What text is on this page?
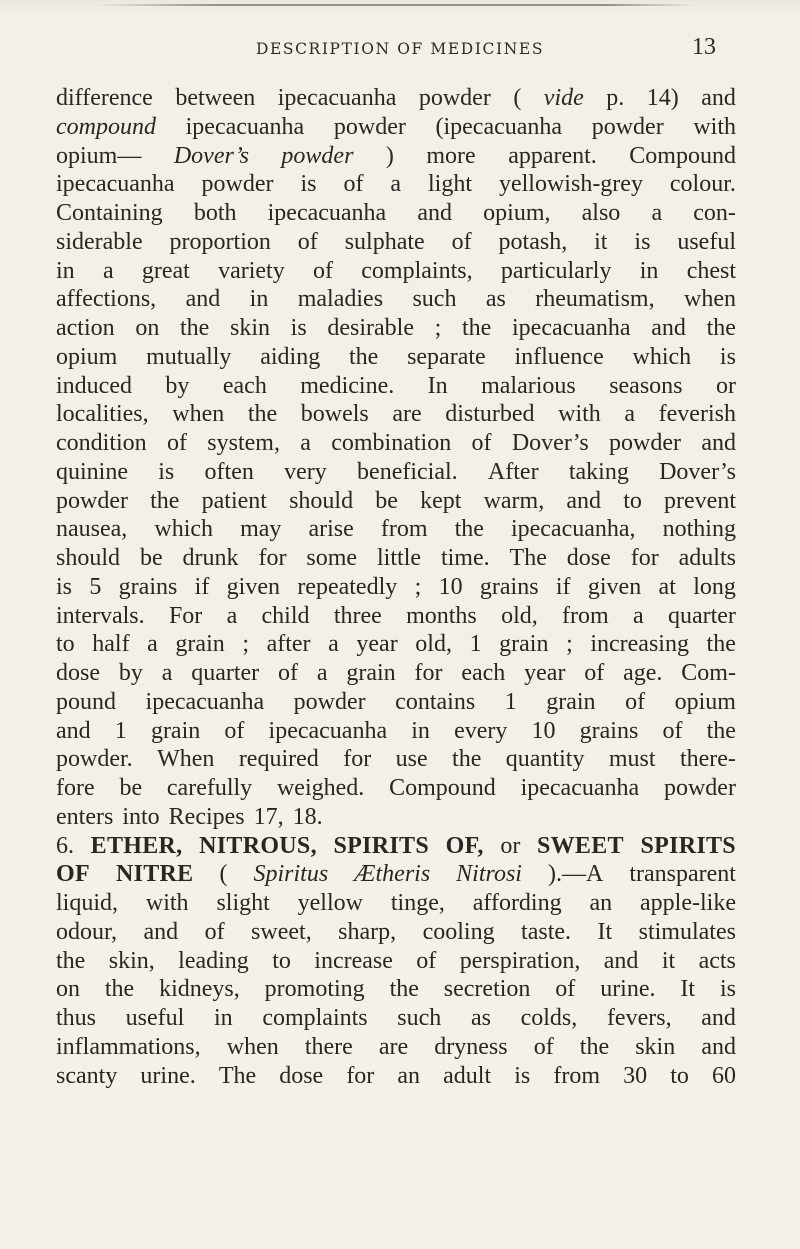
DESCRIPTION OF MEDICINES	13
difference between ipecacuanha powder ( vide p. 14) and
compound ipecacuanha powder (ipecacuanha powder with
opium— Dover’s powder ) more apparent. Compound
ipecacuanha powder is of a light yellowish-grey colour.
Containing both ipecacuanha and opium, also a con-
siderable proportion of sulphate of potash, it is useful
in a great variety of complaints, particularly in chest
affections, and in maladies such as rheumatism, when
action on the skin is desirable ; the ipecacuanha and the
opium mutually aiding the separate influence which is
induced by each medicine. In malarious seasons or
localities, when the bowels are disturbed with a feverish
condition of system, a combination of Dover’s powder and
quinine is often very beneficial. After taking Dover’s
powder the patient should be kept warm, and to prevent
nausea, which may arise from the ipecacuanha, nothing
should be drunk for some little time. The dose for adults
is 5 grains if given repeatedly ; 10 grains if given at long
intervals. For a child three months old, from a quarter
to half a grain ; after a year old, 1 grain ; increasing the
dose by a quarter of a grain for each year of age. Com-
pound ipecacuanha powder contains 1 grain of opium
and 1 grain of ipecacuanha in every 10 grains of the
powder. When required for use the quantity must there-
fore be carefully weighed. Compound ipecacuanha powder
enters into Recipes 17, 18.
6. ETHER, NITROUS, SPIRITS OF, or SWEET SPIRITS
OF NITRE ( Spiritus Ætheris Nitrosi ).—A transparent
liquid, with slight yellow tinge, affording an apple-like
odour, and of sweet, sharp, cooling taste. It stimulates
the skin, leading to increase of perspiration, and it acts
on the kidneys, promoting the secretion of urine. It is
thus useful in complaints such as colds, fevers, and
inflammations, when there are dryness of the skin and
scanty urine. The dose for an adult is from 30 to 60
